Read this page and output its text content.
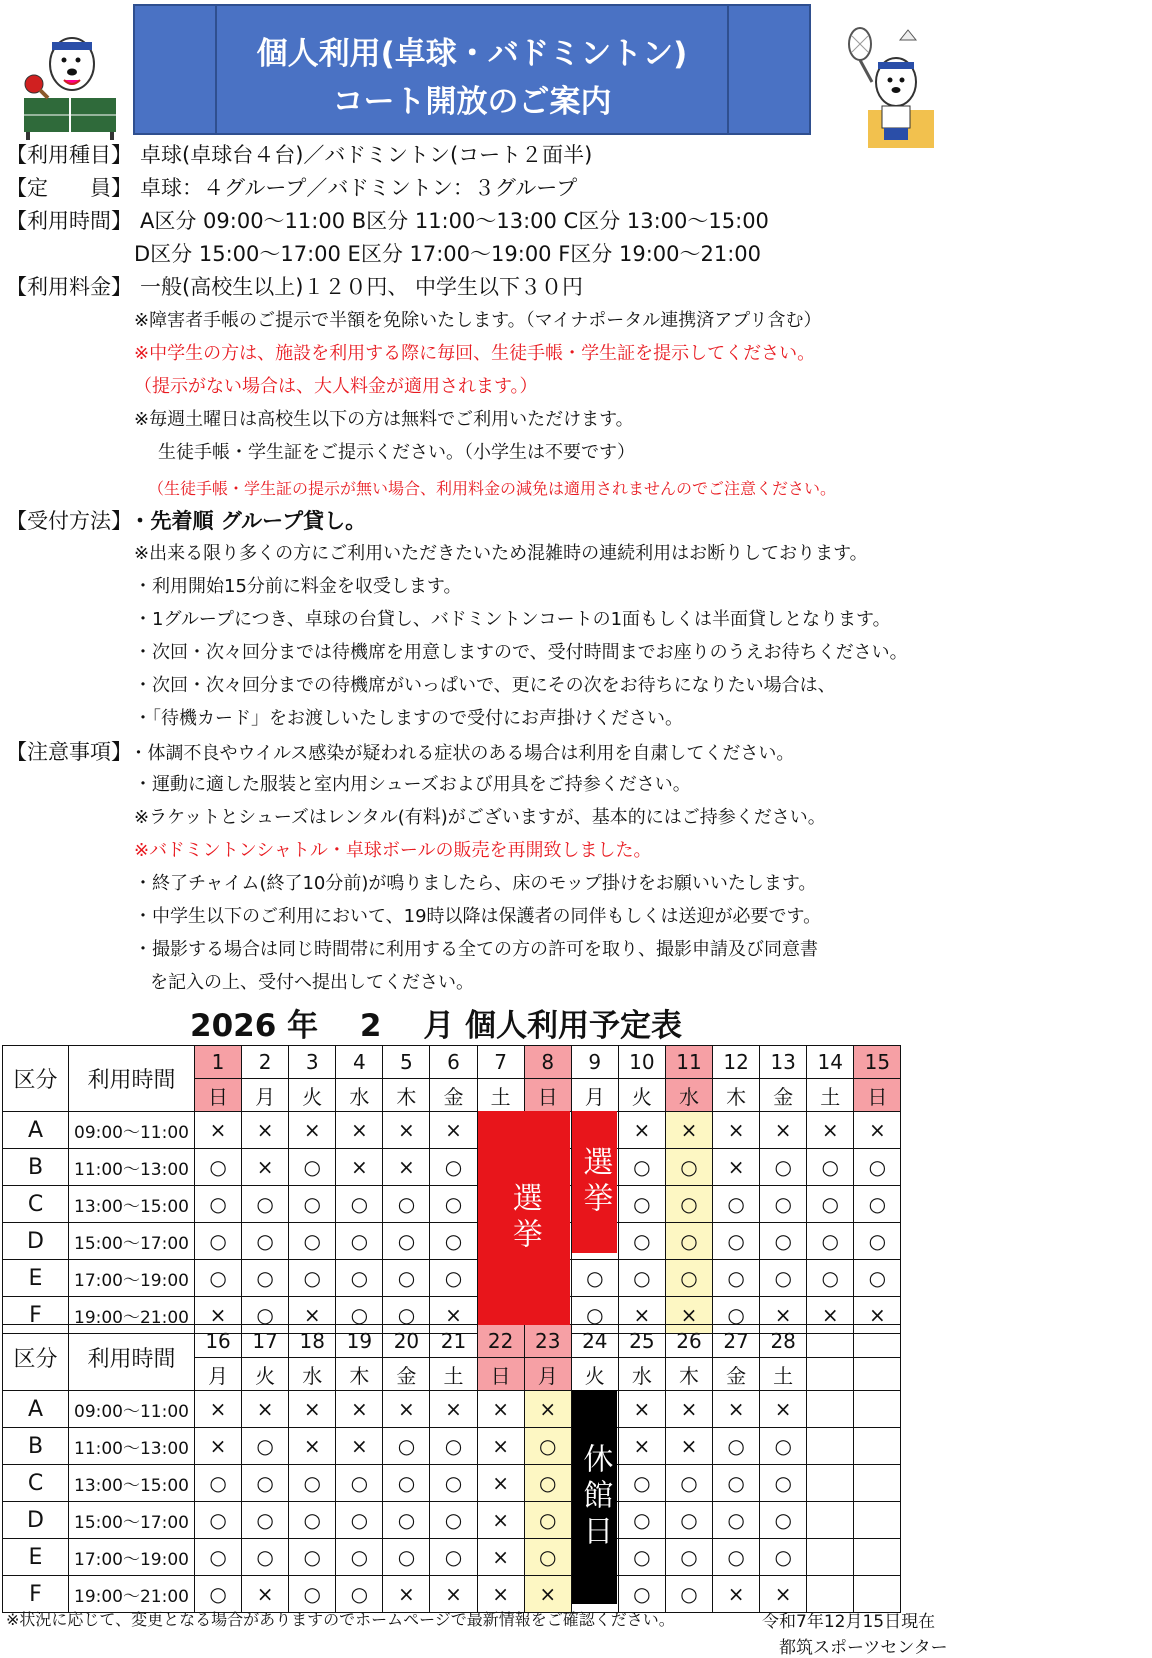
個人利用(卓球・バドミントン)
コート開放のご案内
【利用種目】 卓球(卓球台４台)／バドミントン(コート２面半)
【定　　員】 卓球：４グループ／バドミントン：３グループ
【利用時間】 A区分 09:00～11:00 B区分 11:00～13:00 C区分 13:00～15:00
D区分 15:00～17:00 E区分 17:00～19:00 F区分 19:00～21:00
【利用料金】 一般(高校生以上)１２０円、 中学生以下３０円
※障害者手帳のご提示で半額を免除いたします。（マイナポータル連携済アプリ含む）
※中学生の方は、施設を利用する際に毎回、生徒手帳・学生証を提示してください。
（提示がない場合は、大人料金が適用されます。）
※毎週土曜日は高校生以下の方は無料でご利用いただけます。
生徒手帳・学生証をご提示ください。（小学生は不要です）
（生徒手帳・学生証の提示が無い場合、利用料金の減免は適用されませんのでご注意ください。
【受付方法】 ・先着順 グループ貸し。
※出来る限り多くの方にご利用いただきたいため混雑時の連続利用はお断りしております。
・利用開始15分前に料金を収受します。
・1グループにつき、卓球の台貸し、バドミントンコートの1面もしくは半面貸しとなります。
・次回・次々回分までは待機席を用意しますので、受付時間までお座りのうえお待ちください。
・次回・次々回分までの待機席がいっぱいで、更にその次をお待ちになりたい場合は、
・「待機カード」をお渡しいたしますので受付にお声掛けください。
【注意事項】 ・体調不良やウイルス感染が疑われる症状のある場合は利用を自粛してください。
・運動に適した服装と室内用シューズおよび用具をご持参ください。
※ラケットとシューズはレンタル(有料)がございますが、基本的にはご持参ください。
※バドミントンシャトル・卓球ボールの販売を再開致しました。
・終了チャイム(終了10分前)が鳴りましたら、床のモップ掛けをお願いいたします。
・中学生以下のご利用において、19時以降は保護者の同伴もしくは送迎が必要です。
・撮影する場合は同じ時間帯に利用する全ての方の許可を取り、撮影申請及び同意書
を記入の上、受付へ提出してください。
2026 年　 2　 月 個人利用予定表
区分	利用時間	1	2	3	4	5	6	7	8	9	10	11	12	13	14	15
		日	月	火	水	木	金	土	日	月	火	水	木	金	土	日
A	09:00～11:00	×	×	×	×	×	×				×	×	×	×	×	×
B	11:00～13:00	○	×	○	×	×	○				○	○	×	○	○	○
C	13:00～15:00	○	○	○	○	○	○				○	○	○	○	○	○
D	15:00～17:00	○	○	○	○	○	○				○	○	○	○	○	○
E	17:00～19:00	○	○	○	○	○	○			○	○	○	○	○	○	○
F	19:00～21:00	×	○	×	○	○	×			○	×	×	○	×	×	×
区分	利用時間	16	17	18	19	20	21	22	23	24	25	26	27	28		
		月	火	水	木	金	土	日	月	火	水	木	金	土		
A	09:00～11:00	×	×	×	×	×	×	×	×		×	×	×	×		
B	11:00～13:00	×	○	×	×	○	○	×	○		×	×	○	○		
C	13:00～15:00	○	○	○	○	○	○	×	○		○	○	○	○		
D	15:00～17:00	○	○	○	○	○	○	×	○		○	○	○	○		
E	17:00～19:00	○	○	○	○	○	○	×	○		○	○	○	○		
F	19:00～21:00	○	×	○	○	×	×	×	×		○	○	×	×		
※状況に応じて、変更となる場合がありますのでホームページで最新情報をご確認ください。	令和7年12月15日現在
都筑スポーツセンター
選挙	選挙
休館日
